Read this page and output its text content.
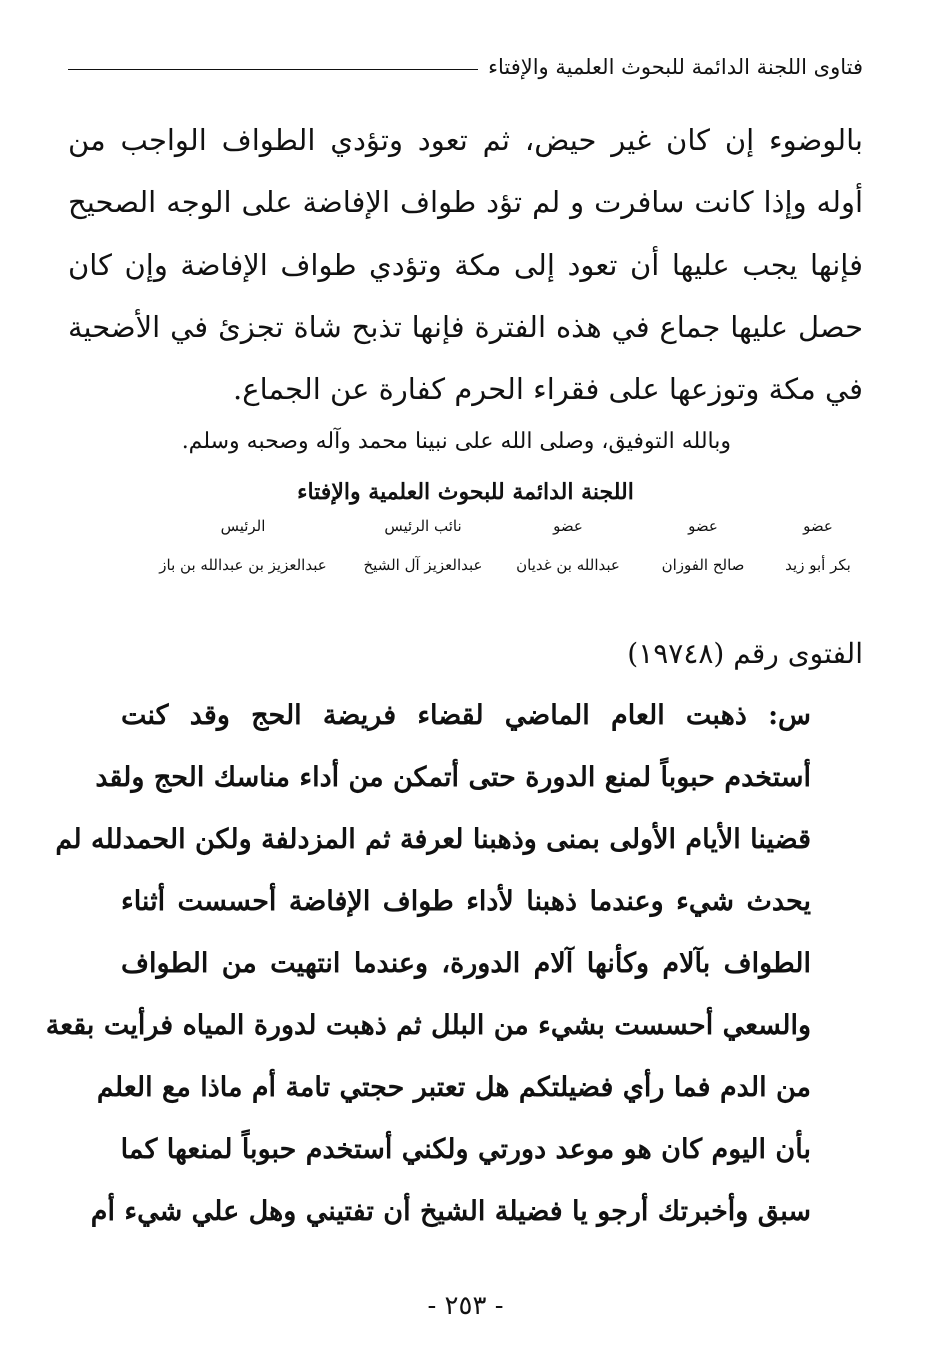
فتاوى اللجنة الدائمة للبحوث العلمية والإفتاء
بالوضوء إن كان غير حيض، ثم تعود وتؤدي الطواف الواجب من
أوله وإذا كانت سافرت و لم تؤد طواف الإفاضة على الوجه الصحيح
فإنها يجب عليها أن تعود إلى مكة وتؤدي طواف الإفاضة وإن كان
حصل عليها جماع في هذه الفترة فإنها تذبح شاة تجزئ في الأضحية
في مكة وتوزعها على فقراء الحرم كفارة عن الجماع.
وبالله التوفيق، وصلى الله على نبينا محمد وآله وصحبه وسلم.
اللجنة الدائمة للبحوث العلمية والإفتاء
عضو
بكر أبو زيد
عضو
صالح الفوزان
عضو
عبدالله بن غديان
نائب الرئيس
عبدالعزيز آل الشيخ
الرئيس
عبدالعزيز بن عبدالله بن باز
الفتوى رقم (١٩٧٤٨)
س: ذهبت العام الماضي لقضاء فريضة الحج وقد كنت
أستخدم حبوباً لمنع الدورة حتى أتمكن من أداء مناسك الحج ولقد
قضينا الأيام الأولى بمنى وذهبنا لعرفة ثم المزدلفة ولكن الحمدلله لم
يحدث شيء وعندما ذهبنا لأداء طواف الإفاضة أحسست أثناء
الطواف بآلام وكأنها آلام الدورة، وعندما انتهيت من الطواف
والسعي أحسست بشيء من البلل ثم ذهبت لدورة المياه فرأيت بقعة
من الدم فما رأي فضيلتكم هل تعتبر حجتي تامة أم ماذا مع العلم
بأن اليوم كان هو موعد دورتي ولكني أستخدم حبوباً لمنعها كما
سبق وأخبرتك أرجو يا فضيلة الشيخ أن تفتيني وهل علي شيء أم
- ٢٥٣ -
